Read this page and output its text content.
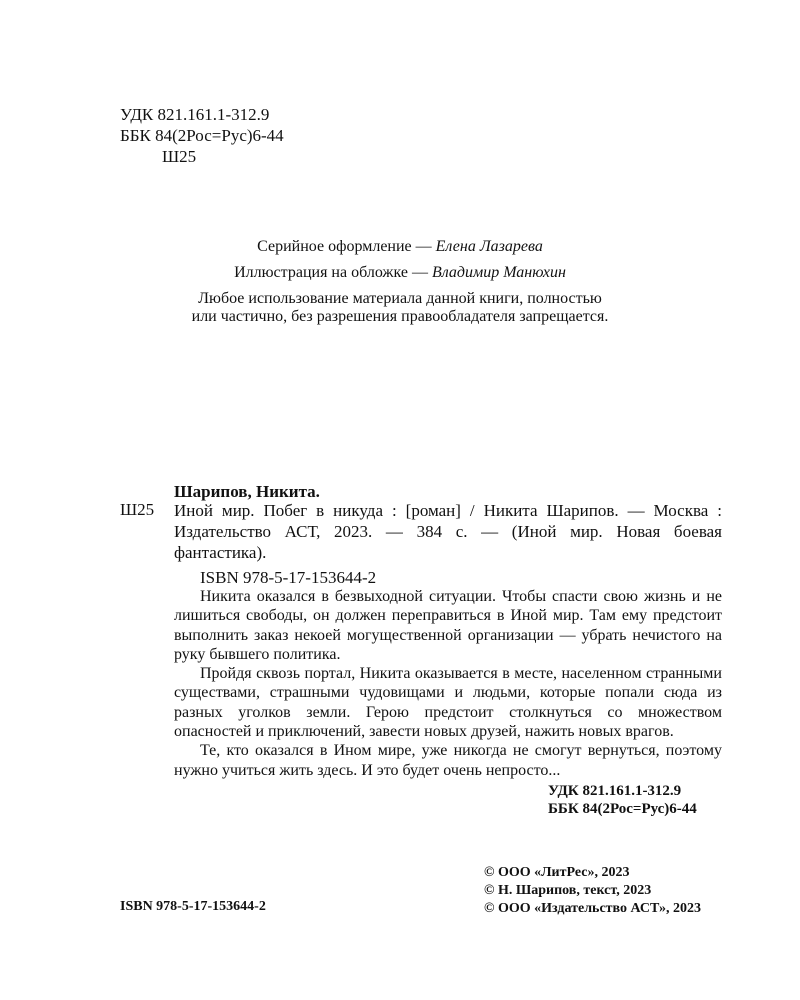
УДК 821.161.1-312.9
ББК 84(2Рос=Рус)6-44
Ш25
Серийное оформление — Елена Лазарева
Иллюстрация на обложке — Владимир Манюхин
Любое использование материала данной книги, полностью
или частично, без разрешения правообладателя запрещается.
Шарипов, Никита.
Ш25 Иной мир. Побег в никуда : [роман] / Никита Шарипов. — Москва : Издательство АСТ, 2023. — 384 с. — (Иной мир. Новая боевая фантастика).
ISBN 978-5-17-153644-2

Никита оказался в безвыходной ситуации. Чтобы спасти свою жизнь и не лишиться свободы, он должен переправиться в Иной мир. Там ему предстоит выполнить заказ некоей могущественной организации — убрать нечистого на руку бывшего политика.

Пройдя сквозь портал, Никита оказывается в месте, населенном странными существами, страшными чудовищами и людьми, которые попали сюда из разных уголков земли. Герою предстоит столкнуться со множеством опасностей и приключений, завести новых друзей, нажить новых врагов.

Те, кто оказался в Ином мире, уже никогда не смогут вернуться, поэтому нужно учиться жить здесь. И это будет очень непросто...

УДК 821.161.1-312.9
ББК 84(2Рос=Рус)6-44
© ООО «ЛитРес», 2023
© Н. Шарипов, текст, 2023
© ООО «Издательство АСТ», 2023
ISBN 978-5-17-153644-2
